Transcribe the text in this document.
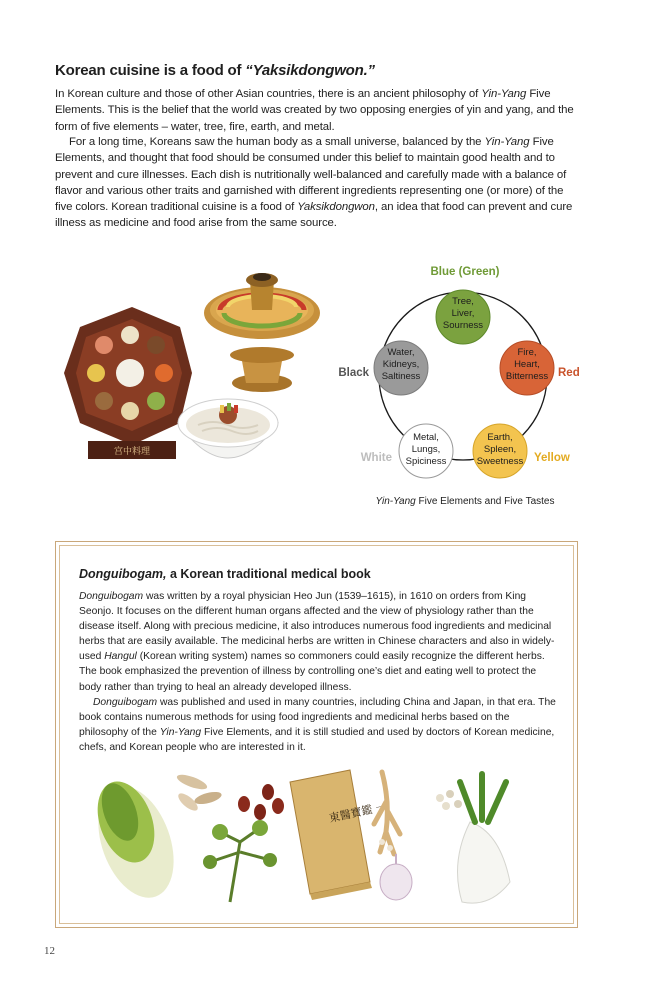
Korean cuisine is a food of “Yaksikdongwon.”

In Korean culture and those of other Asian countries, there is an ancient philosophy of Yin-Yang Five Elements. This is the belief that the world was created by two opposing energies of yin and yang, and the form of five elements – water, tree, fire, earth, and metal.

For a long time, Koreans saw the human body as a small universe, balanced by the Yin-Yang Five Elements, and thought that food should be consumed under this belief to maintain good health and to prevent and cure illnesses. Each dish is nutritionally well-balanced and carefully made with a balance of flavor and various other traits and garnished with different ingredients representing one (or more) of the five colors. Korean traditional cuisine is a food of Yaksikdongwon, an idea that food can prevent and cure illness as medicine and food arise from the same source.

宫中料理
Tree,
Liver,
Sourness
Blue (Green)
Fire,
Heart,
Bitterness Red
Earth,
Spleen,
Sweetness Yellow
Metal,
Lungs,
Spiciness
White
Water,
Kidneys,
Saltiness
Black
Yin-Yang Five Elements and Five Tastes
Donguibogam, a Korean traditional medical book

Donguibogam was written by a royal physician Heo Jun (1539–1615), in 1610 on orders from King Seonjo. It focuses on the different human organs affected and the view of physiology rather than the disease itself. Along with precious medicine, it also introduces numerous food ingredients and medicinal herbs that are easily available. The medicinal herbs are written in Chinese characters and also in widely-used Hangul (Korean writing system) names so commoners could easily recognize the different herbs. The book emphasized the prevention of illness by controlling one’s diet and eating well to protect the body rather than trying to heal an already developed illness.

Donguibogam was published and used in many countries, including China and Japan, in that era. The book contains numerous methods for using food ingredients and medicinal herbs based on the philosophy of the Yin-Yang Five Elements, and it is still studied and used by doctors of Korean medicine, chefs, and Korean people who are interested in it.

東醫寶鑑 一
12
